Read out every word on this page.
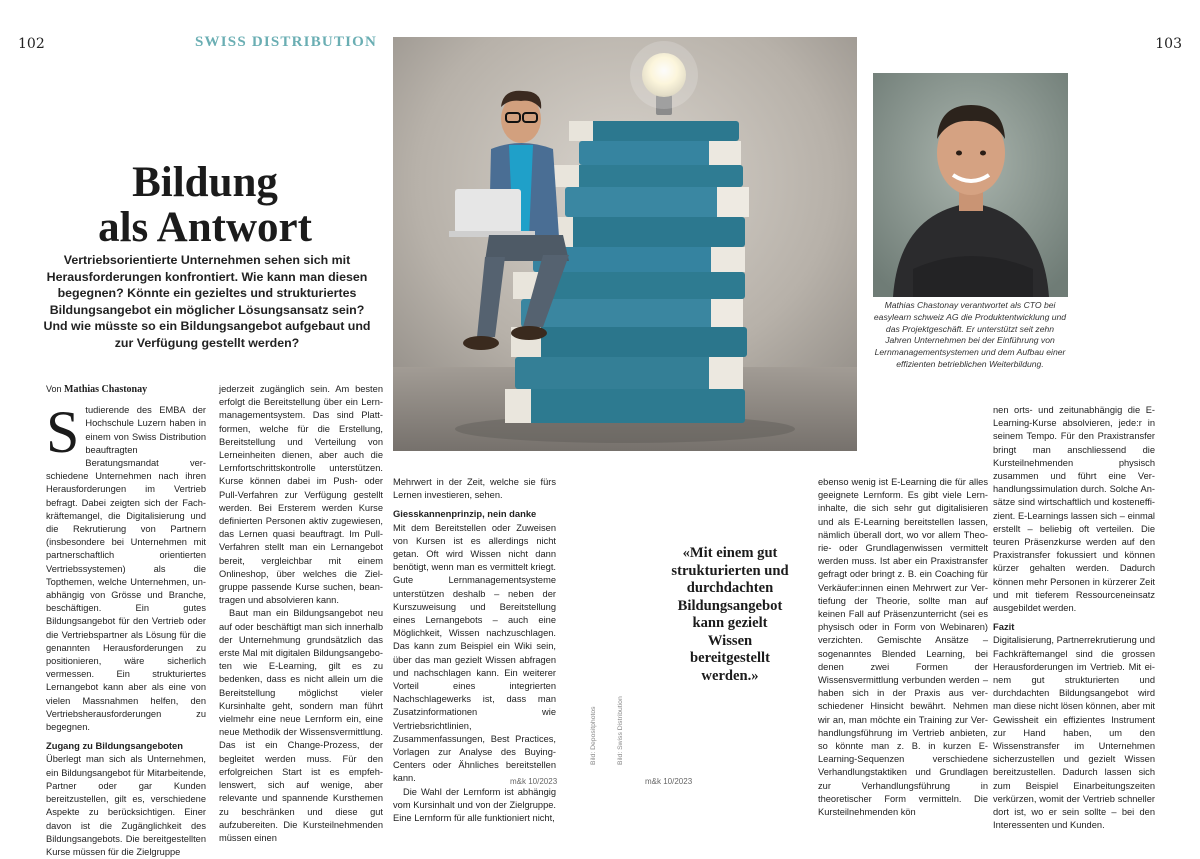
102	103
SWISS DISTRIBUTION
Bildung
als Antwort
Vertriebsorientierte Unternehmen sehen sich mit Herausforderungen konfrontiert. Wie kann man diesen begegnen? Könnte ein gezieltes und strukturiertes Bildungsangebot ein möglicher Lösungsansatz sein? Und wie müsste so ein Bildungsangebot aufgebaut und zur Verfügung gestellt werden?
Mathias Chastonay verantwortet als CTO bei easylearn schweiz AG die Produktentwicklung und das Projektgeschäft. Er unterstützt seit zehn Jahren Unternehmen bei der Einführung von Lernmanagementsystemen und dem Aufbau einer effizienten betrieblichen Weiterbildung.
Von Mathias Chastonay

Studierende des EMBA der Hochschule Luzern haben in einem von Swiss Distribution beauftragten Beratungsmandat verschiedene Unternehmen nach ihren Herausforderungen im Vertrieb befragt. Dabei zeigten sich der Fachkräftemangel, die Digitalisierung und die Rekrutierung von Partnern (insbesondere bei Unternehmen mit partnerschaftlich orientierten Vertriebssystemen) als die Topthemen, welche Unternehmen, unabhängig von Grösse und Branche, beschäftigen. Ein gutes Bildungsangebot für den Vertrieb oder die Vertriebspartner als Lösung für die genannten Herausforderungen zu positionieren, wäre sicherlich vermessen. Ein strukturiertes Lernangebot kann aber als eine von vielen Massnahmen helfen, den Vertriebsherausforderungen zu begegnen.

Zugang zu Bildungsangeboten

Überlegt man sich als Unternehmen, ein Bildungsangebot für Mitarbeitende, Partner oder gar Kunden bereitzustellen, gilt es, verschiedene Aspekte zu berücksichtigen. Einer davon ist die Zugänglichkeit des Bildungsangebots. Die bereitgestellten Kurse müssen für die Zielgruppe

jederzeit zugänglich sein. Am besten erfolgt die Bereitstellung über ein Lernmanagementsystem. Das sind Plattformen, welche für die Erstellung, Bereitstellung und Verteilung von Lerneinheiten dienen, aber auch die Lernfortschrittskontrolle unterstützen. Kurse können dabei im Push- oder Pull-Verfahren zur Verfügung gestellt werden. Bei Ersterem werden Kurse definierten Personen aktiv zugewiesen, das Lernen quasi beauftragt. Im Pull-Verfahren stellt man ein Lernangebot bereit, vergleichbar mit einem Onlineshop, über welches die Zielgruppe passende Kurse suchen, beantragen und absolvieren kann.

Baut man ein Bildungsangebot neu auf oder beschäftigt man sich innerhalb der Unternehmung grundsätzlich das erste Mal mit digitalen Bildungsangeboten wie E-Learning, gilt es zu bedenken, dass es nicht allein um die Bereitstellung möglichst vieler Kursinhalte geht, sondern man führt vielmehr eine neue Lernform ein, eine neue Methodik der Wissensvermittlung. Das ist ein Change-Prozess, der begleitet werden muss. Für den erfolgreichen Start ist es empfehlenswert, sich auf wenige, aber relevante und spannende Kursthemen zu beschränken und diese gut aufzubereiten. Die Kursteilnehmenden müssen einen

Mehrwert in der Zeit, welche sie fürs Lernen investieren, sehen.

Giesskannenprinzip, nein danke

Mit dem Bereitstellen oder Zuweisen von Kursen ist es allerdings nicht getan. Oft wird Wissen nicht dann benötigt, wenn man es vermittelt kriegt. Gute Lernmanagementsysteme unterstützen deshalb – neben der Kurszuweisung und Bereitstellung eines Lernangebots – auch eine Möglichkeit, Wissen nachzuschlagen. Das kann zum Beispiel ein Wiki sein, über das man gezielt Wissen abfragen und nachschlagen kann. Ein weiterer Vorteil eines integrierten Nachschlagewerks ist, dass man Zusatzinformationen wie Vertriebsrichtlinien, Zusammenfassungen, Best Practices, Vorlagen zur Analyse des Buying-Centers oder Ähnliches bereitstellen kann.

Die Wahl der Lernform ist abhängig vom Kursinhalt und von der Zielgruppe. Eine Lernform für alle funktioniert nicht,

Bild: Depositphotos	Bild: Swiss Distribution
«Mit einem gut strukturierten und durchdachten Bildungsangebot kann gezielt Wissen bereitgestellt werden.»

ebenso wenig ist E-Learning die für alles geeignete Lernform. Es gibt viele Lerninhalte, die sich sehr gut digitalisieren und als E-Learning bereitstellen lassen, nämlich überall dort, wo vor allem Theorie- oder Grundlagenwissen vermittelt werden muss. Ist aber ein Praxistransfer gefragt oder bringt z. B. ein Coaching für Verkäufer:innen einen Mehrwert zur Vertiefung der Theorie, sollte man auf keinen Fall auf Präsenzunterricht (sei es physisch oder in Form von Webinaren) verzichten. Gemischte Ansätze – sogenanntes Blended Learning, bei denen zwei Formen der Wissensvermittlung verbunden werden – haben sich in der Praxis aus verschiedener Hinsicht bewährt. Nehmen wir an, man möchte ein Training zur Verhandlungsführung im Vertrieb anbieten, so könnte man z. B. in kurzen E-Learning-Sequenzen verschiedene Verhandlungstaktiken und Grundlagen zur Verhandlungsführung in theoretischer Form vermitteln. Die Kursteilnehmenden kön

nen orts- und zeitunabhängig die E-Learning-Kurse absolvieren, jede:r in seinem Tempo. Für den Praxistransfer bringt man anschliessend die Kursteilnehmenden physisch zusammen und führt eine Verhandlungssimulation durch. Solche Ansätze sind wirtschaftlich und kosteneffizient. E-Learnings lassen sich – einmal erstellt – beliebig oft verteilen. Die teuren Präsenzkurse werden auf den Praxistransfer fokussiert und können kürzer gehalten werden. Dadurch können mehr Personen in kürzerer Zeit und mit tieferem Ressourceneinsatz ausgebildet werden.

Fazit

Digitalisierung, Partnerrekrutierung und Fachkräftemangel sind die grossen Herausforderungen im Vertrieb. Mit einem gut strukturierten und durchdachten Bildungsangebot wird man diese nicht lösen können, aber mit Gewissheit ein effizientes Instrument zur Hand haben, um den Wissenstransfer im Unternehmen sicherzustellen und gezielt Wissen bereitzustellen. Dadurch lassen sich zum Beispiel Einarbeitungszeiten verkürzen, womit der Vertrieb schneller dort ist, wo er sein sollte – bei den Interessenten und Kunden.

m&k 10/2023	m&k 10/2023
